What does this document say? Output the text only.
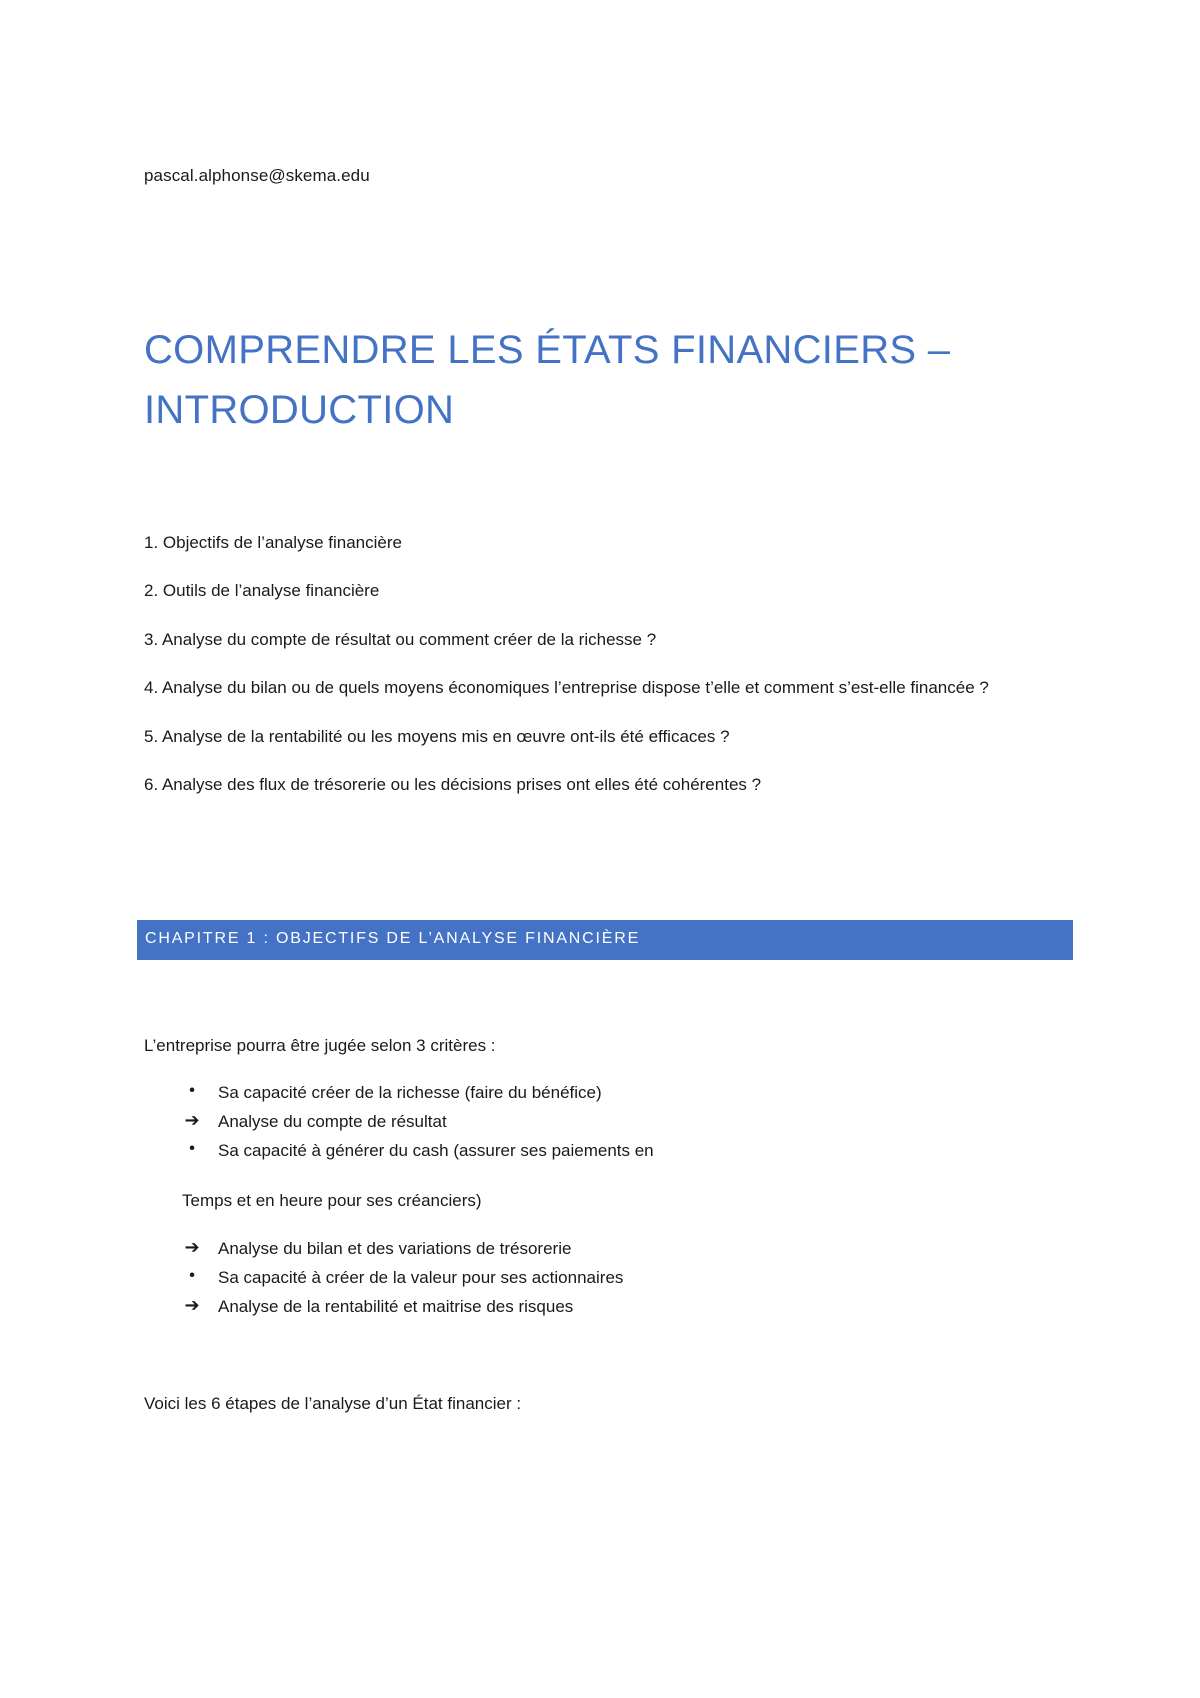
pascal.alphonse@skema.edu
COMPRENDRE LES ÉTATS FINANCIERS – INTRODUCTION
1. Objectifs de l’analyse financière
2. Outils de l’analyse financière
3. Analyse du compte de résultat ou comment créer de la richesse ?
4. Analyse du bilan ou de quels moyens économiques l’entreprise dispose t’elle et comment s’est-elle financée ?
5. Analyse de la rentabilité ou les moyens mis en œuvre ont-ils été efficaces ?
6. Analyse des flux de trésorerie ou les décisions prises ont elles été cohérentes ?
CHAPITRE 1 : OBJECTIFS DE L’ANALYSE FINANCIÈRE
L’entreprise pourra être jugée selon 3 critères :
•	Sa capacité créer de la richesse (faire du bénéfice)
➔ Analyse du compte de résultat
•	Sa capacité à générer du cash (assurer ses paiements en
Temps et en heure pour ses créanciers)
➔ Analyse du bilan et des variations de trésorerie
•	Sa capacité à créer de la valeur pour ses actionnaires
➔ Analyse de la rentabilité et maitrise des risques
Voici les 6 étapes de l’analyse d’un État financier :
